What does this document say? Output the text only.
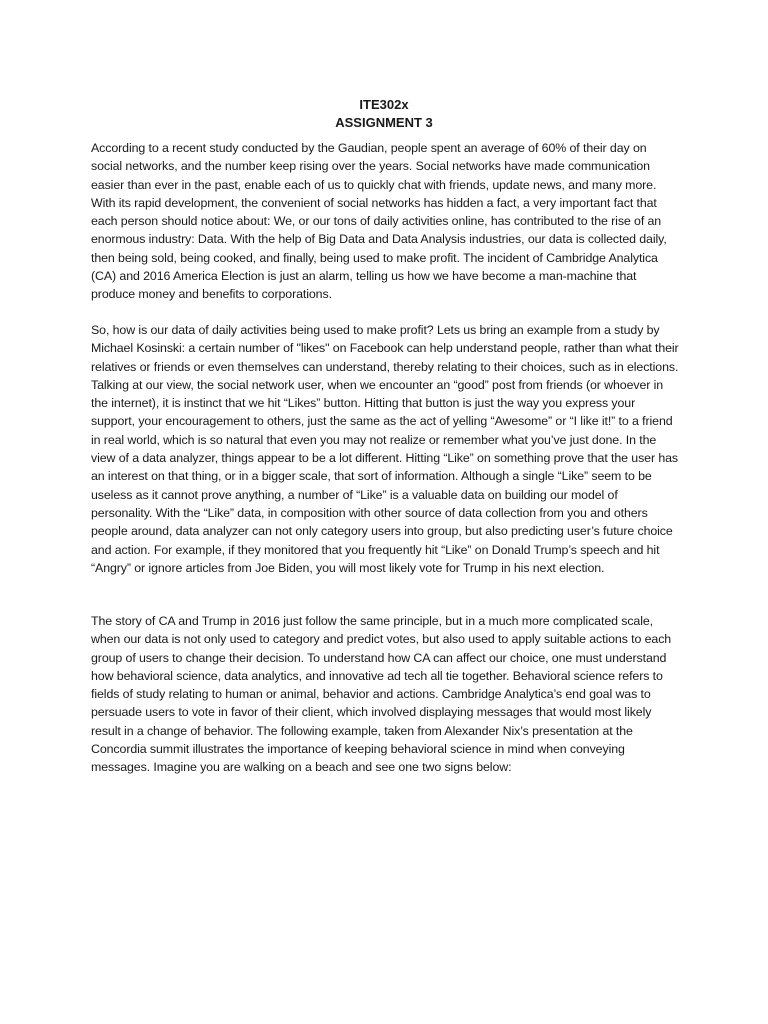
ITE302x
ASSIGNMENT 3

According to a recent study conducted by the Gaudian, people spent an average of 60% of their day on social networks, and the number keep rising over the years. Social networks have made communication easier than ever in the past, enable each of us to quickly chat with friends, update news, and many more. With its rapid development, the convenient of social networks has hidden a fact, a very important fact that each person should notice about: We, or our tons of daily activities online, has contributed to the rise of an enormous industry: Data. With the help of Big Data and Data Analysis industries, our data is collected daily, then being sold, being cooked, and finally, being used to make profit. The incident of Cambridge Analytica (CA) and 2016 America Election is just an alarm, telling us how we have become a man-machine that produce money and benefits to corporations.

So, how is our data of daily activities being used to make profit? Lets us bring an example from a study by Michael Kosinski: a certain number of "likes" on Facebook can help understand people, rather than what their relatives or friends or even themselves can understand, thereby relating to their choices, such as in elections. Talking at our view, the social network user, when we encounter an “good” post from friends (or whoever in the internet), it is instinct that we hit “Likes” button. Hitting that button is just the way you express your support, your encouragement to others, just the same as the act of yelling “Awesome” or “I like it!” to a friend in real world, which is so natural that even you may not realize or remember what you’ve just done. In the view of a data analyzer, things appear to be a lot different. Hitting “Like” on something prove that the user has an interest on that thing, or in a bigger scale, that sort of information. Although a single “Like” seem to be useless as it cannot prove anything, a number of “Like” is a valuable data on building our model of personality. With the “Like” data, in composition with other source of data collection from you and others people around, data analyzer can not only category users into group, but also predicting user’s future choice and action. For example, if they monitored that you frequently hit “Like” on Donald Trump’s speech and hit “Angry” or ignore articles from Joe Biden, you will most likely vote for Trump in his next election.

The story of CA and Trump in 2016 just follow the same principle, but in a much more complicated scale, when our data is not only used to category and predict votes, but also used to apply suitable actions to each group of users to change their decision. To understand how CA can affect our choice, one must understand how behavioral science, data analytics, and innovative ad tech all tie together. Behavioral science refers to fields of study relating to human or animal, behavior and actions. Cambridge Analytica’s end goal was to persuade users to vote in favor of their client, which involved displaying messages that would most likely result in a change of behavior. The following example, taken from Alexander Nix’s presentation at the Concordia summit illustrates the importance of keeping behavioral science in mind when conveying messages. Imagine you are walking on a beach and see one two signs below:
